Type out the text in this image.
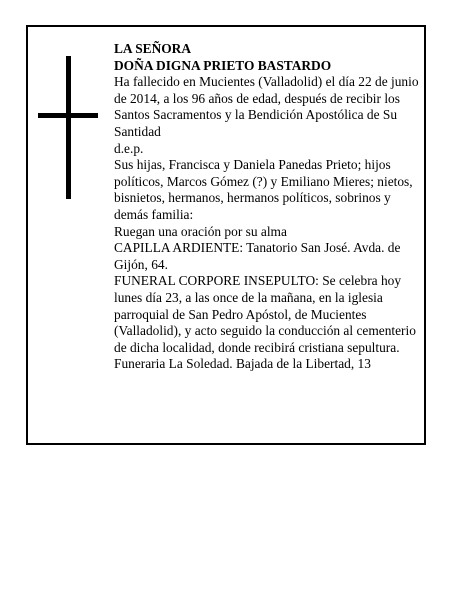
LA SEÑORA

DOÑA DIGNA PRIETO BASTARDO

Ha fallecido en Mucientes (Valladolid) el día 22 de junio de 2014, a los 96 años de edad, después de recibir los Santos Sacramentos y la Bendición Apostólica de Su Santidad

d.e.p.

Sus hijas, Francisca y Daniela Panedas Prieto; hijos políticos, Marcos Gómez (?) y Emiliano Mieres; nietos, bisnietos, hermanos, hermanos políticos, sobrinos y demás familia:

Ruegan una oración por su alma

CAPILLA ARDIENTE: Tanatorio San José. Avda. de Gijón, 64.

FUNERAL CORPORE INSEPULTO: Se celebra hoy lunes día 23, a las once de la mañana, en la iglesia parroquial de San Pedro Apóstol, de Mucientes (Valladolid), y acto seguido la conducción al cementerio de dicha localidad, donde recibirá cristiana sepultura.

Funeraria La Soledad. Bajada de la Libertad, 13
